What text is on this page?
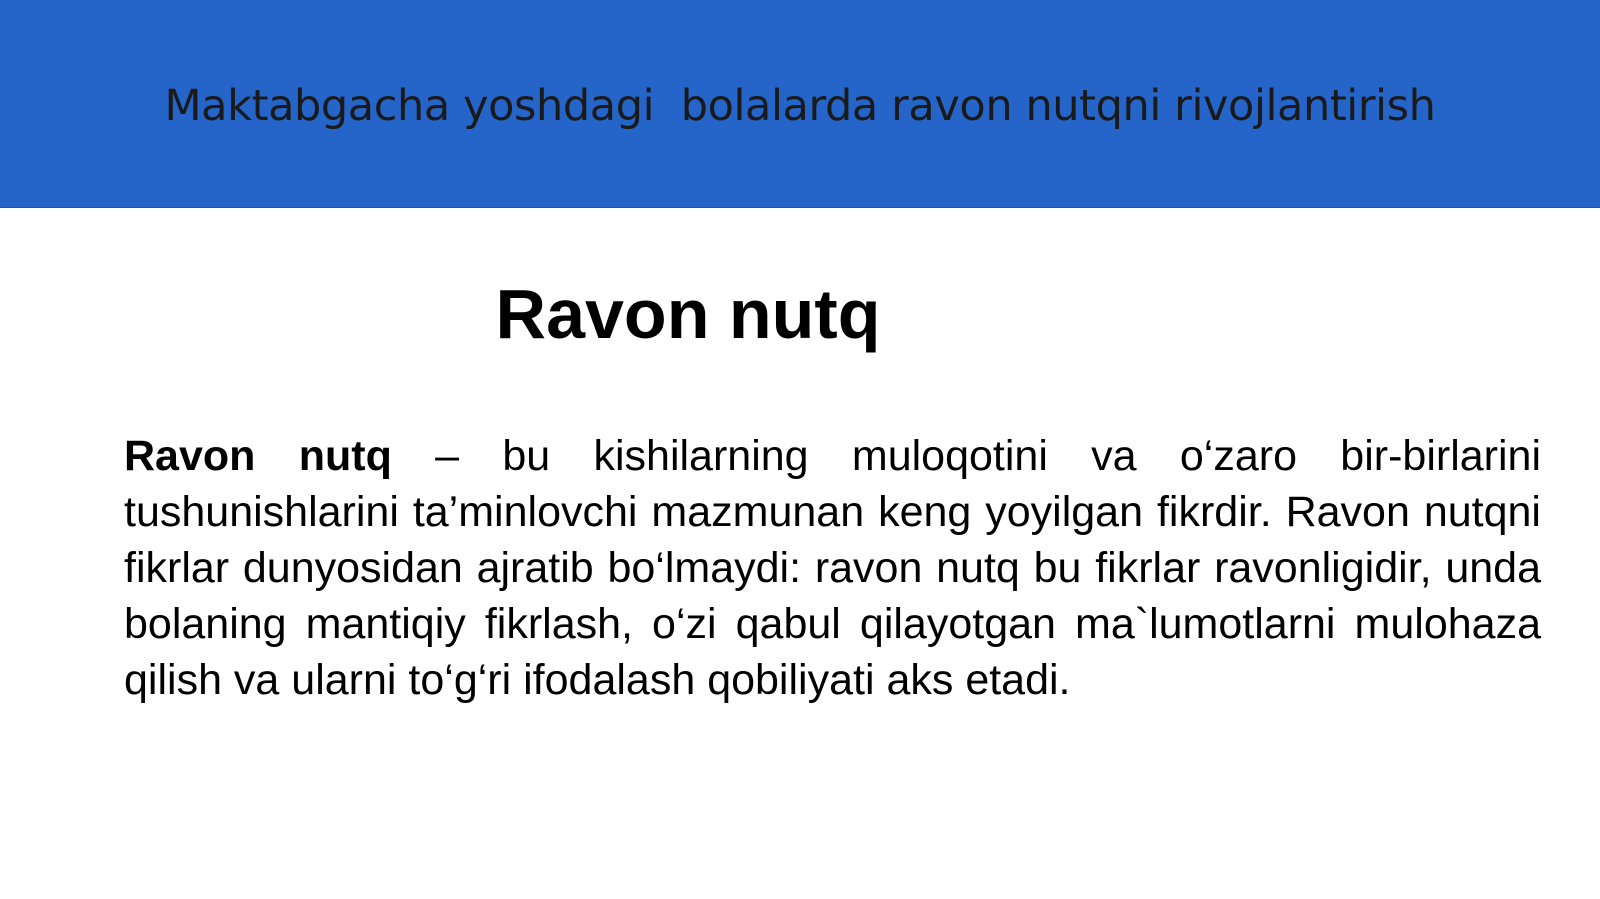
Maktabgacha yoshdagi  bolalarda ravon nutqni rivojlantirish
Ravon nutq

Ravon nutq – bu kishilarning muloqotini va o‘zaro bir-birlarini tushunishlarini ta’minlovchi mazmunan keng yoyilgan fikrdir. Ravon nutqni fikrlar dunyosidan ajratib bo‘lmaydi: ravon nutq bu fikrlar ravonligidir, unda bolaning mantiqiy fikrlash, o‘zi qabul qilayotgan ma`lumotlarni mulohaza qilish va ularni to‘g‘ri ifodalash qobiliyati aks etadi.
